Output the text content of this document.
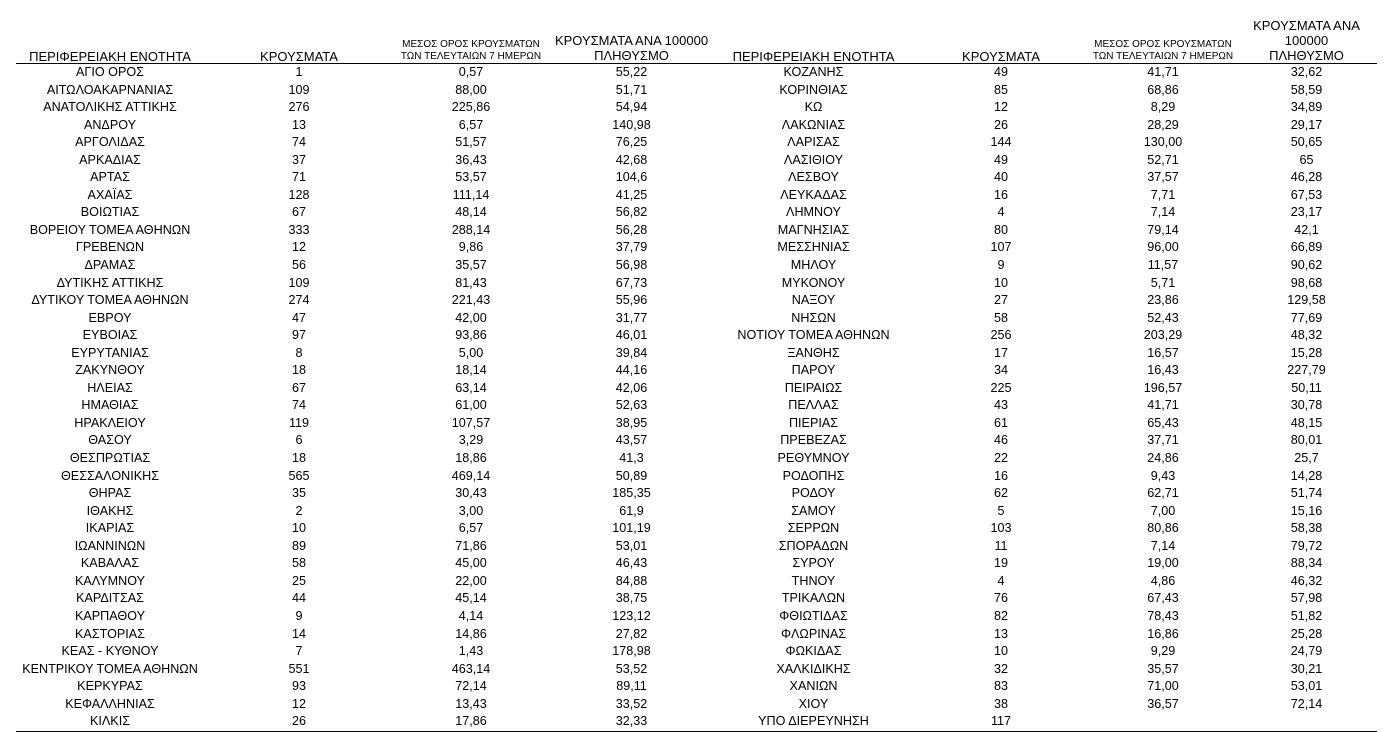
ΠΕΡΙΦΕΡΕΙΑΚΗ ΕΝΟΤΗΤΑ	ΚΡΟΥΣΜΑΤΑ	ΜΕΣΟΣ ΟΡΟΣ ΚΡΟΥΣΜΑΤΩΝ
ΤΩΝ ΤΕΛΕΥΤΑΙΩΝ 7 ΗΜΕΡΩΝ	ΚΡΟΥΣΜΑΤΑ ΑΝΑ 100000
ΠΛΗΘΥΣΜΟ	ΠΕΡΙΦΕΡΕΙΑΚΗ ΕΝΟΤΗΤΑ	ΚΡΟΥΣΜΑΤΑ	ΜΕΣΟΣ ΟΡΟΣ ΚΡΟΥΣΜΑΤΩΝ
ΤΩΝ ΤΕΛΕΥΤΑΙΩΝ 7 ΗΜΕΡΩΝ	ΚΡΟΥΣΜΑΤΑ ΑΝΑ 100000
ΠΛΗΘΥΣΜΟ
ΑΓΙΟ ΟΡΟΣ	1	0,57	55,22	ΚΟΖΑΝΗΣ	49	41,71	32,62
ΑΙΤΩΛΟΑΚΑΡΝΑΝΙΑΣ	109	88,00	51,71	ΚΟΡΙΝΘΙΑΣ	85	68,86	58,59
ΑΝΑΤΟΛΙΚΗΣ ΑΤΤΙΚΗΣ	276	225,86	54,94	ΚΩ	12	8,29	34,89
ΑΝΔΡΟΥ	13	6,57	140,98	ΛΑΚΩΝΙΑΣ	26	28,29	29,17
ΑΡΓΟΛΙΔΑΣ	74	51,57	76,25	ΛΑΡΙΣΑΣ	144	130,00	50,65
ΑΡΚΑΔΙΑΣ	37	36,43	42,68	ΛΑΣΙΘΙΟΥ	49	52,71	65
ΑΡΤΑΣ	71	53,57	104,6	ΛΕΣΒΟΥ	40	37,57	46,28
ΑΧΑΪΑΣ	128	111,14	41,25	ΛΕΥΚΑΔΑΣ	16	7,71	67,53
ΒΟΙΩΤΙΑΣ	67	48,14	56,82	ΛΗΜΝΟΥ	4	7,14	23,17
ΒΟΡΕΙΟΥ ΤΟΜΕΑ ΑΘΗΝΩΝ	333	288,14	56,28	ΜΑΓΝΗΣΙΑΣ	80	79,14	42,1
ΓΡΕΒΕΝΩΝ	12	9,86	37,79	ΜΕΣΣΗΝΙΑΣ	107	96,00	66,89
ΔΡΑΜΑΣ	56	35,57	56,98	ΜΗΛΟΥ	9	11,57	90,62
ΔΥΤΙΚΗΣ ΑΤΤΙΚΗΣ	109	81,43	67,73	ΜΥΚΟΝΟΥ	10	5,71	98,68
ΔΥΤΙΚΟΥ ΤΟΜΕΑ ΑΘΗΝΩΝ	274	221,43	55,96	ΝΑΞΟΥ	27	23,86	129,58
ΕΒΡΟΥ	47	42,00	31,77	ΝΗΣΩΝ	58	52,43	77,69
ΕΥΒΟΙΑΣ	97	93,86	46,01	ΝΟΤΙΟΥ ΤΟΜΕΑ ΑΘΗΝΩΝ	256	203,29	48,32
ΕΥΡΥΤΑΝΙΑΣ	8	5,00	39,84	ΞΑΝΘΗΣ	17	16,57	15,28
ΖΑΚΥΝΘΟΥ	18	18,14	44,16	ΠΑΡΟΥ	34	16,43	227,79
ΗΛΕΙΑΣ	67	63,14	42,06	ΠΕΙΡΑΙΩΣ	225	196,57	50,11
ΗΜΑΘΙΑΣ	74	61,00	52,63	ΠΕΛΛΑΣ	43	41,71	30,78
ΗΡΑΚΛΕΙΟΥ	119	107,57	38,95	ΠΙΕΡΙΑΣ	61	65,43	48,15
ΘΑΣΟΥ	6	3,29	43,57	ΠΡΕΒΕΖΑΣ	46	37,71	80,01
ΘΕΣΠΡΩΤΙΑΣ	18	18,86	41,3	ΡΕΘΥΜΝΟΥ	22	24,86	25,7
ΘΕΣΣΑΛΟΝΙΚΗΣ	565	469,14	50,89	ΡΟΔΟΠΗΣ	16	9,43	14,28
ΘΗΡΑΣ	35	30,43	185,35	ΡΟΔΟΥ	62	62,71	51,74
ΙΘΑΚΗΣ	2	3,00	61,9	ΣΑΜΟΥ	5	7,00	15,16
ΙΚΑΡΙΑΣ	10	6,57	101,19	ΣΕΡΡΩΝ	103	80,86	58,38
ΙΩΑΝΝΙΝΩΝ	89	71,86	53,01	ΣΠΟΡΑΔΩΝ	11	7,14	79,72
ΚΑΒΑΛΑΣ	58	45,00	46,43	ΣΥΡΟΥ	19	19,00	88,34
ΚΑΛΥΜΝΟΥ	25	22,00	84,88	ΤΗΝΟΥ	4	4,86	46,32
ΚΑΡΔΙΤΣΑΣ	44	45,14	38,75	ΤΡΙΚΑΛΩΝ	76	67,43	57,98
ΚΑΡΠΑΘΟΥ	9	4,14	123,12	ΦΘΙΩΤΙΔΑΣ	82	78,43	51,82
ΚΑΣΤΟΡΙΑΣ	14	14,86	27,82	ΦΛΩΡΙΝΑΣ	13	16,86	25,28
ΚΕΑΣ - ΚΥΘΝΟΥ	7	1,43	178,98	ΦΩΚΙΔΑΣ	10	9,29	24,79
ΚΕΝΤΡΙΚΟΥ ΤΟΜΕΑ ΑΘΗΝΩΝ	551	463,14	53,52	ΧΑΛΚΙΔΙΚΗΣ	32	35,57	30,21
ΚΕΡΚΥΡΑΣ	93	72,14	89,11	ΧΑΝΙΩΝ	83	71,00	53,01
ΚΕΦΑΛΛΗΝΙΑΣ	12	13,43	33,52	ΧΙΟΥ	38	36,57	72,14
ΚΙΛΚΙΣ	26	17,86	32,33	ΥΠΟ ΔΙΕΡΕΥΝΗΣΗ	117		
